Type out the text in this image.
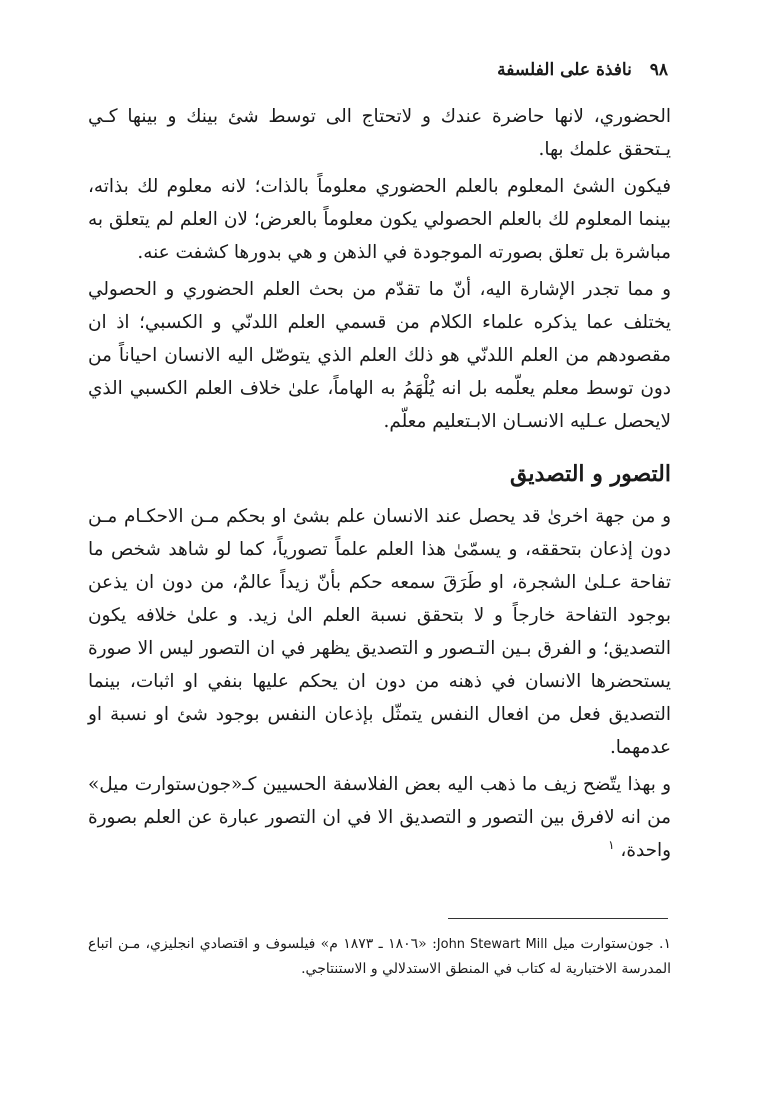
٩٨ نافذة على الفلسفة

الحضوري، لانها حاضرة عندك و لاتحتاج الى توسط شئ بينك و بينها كـي يـتحقق علمك بها.

فيكون الشئ المعلوم بالعلم الحضوري معلوماً بالذات؛ لانه معلوم لك بذاته، بينما المعلوم لك بالعلم الحصولي يكون معلوماً بالعرض؛ لان العلم لم يتعلق به مباشرة بل تعلق بصورته الموجودة في الذهن و هي بدورها كشفت عنه.

و مما تجدر الإشارة اليه، أنّ ما تقدّم من بحث العلم الحضوري و الحصولي يختلف عما يذكره علماء الكلام من قسمي العلم اللدنّي و الكسبي؛ اذ ان مقصودهم من العلم اللدنّي هو ذلك العلم الذي يتوصّل اليه الانسان احياناً من دون توسط معلم يعلّمه بل انه يُلْهَمُ به الهاماً، علىٰ خلاف العلم الكسبي الذي لايحصل عـليه الانسـان الابـتعليم معلّم.

التصور و التصديق

و من جهة اخرىٰ قد يحصل عند الانسان علم بشئ او بحكم مـن الاحكـام مـن دون إذعان بتحققه، و يسمّىٰ هذا العلم علماً تصورياً، كما لو شاهد شخص ما تفاحة عـلىٰ الشجرة، او طَرَقَ سمعه حكم بأنّ زيداً عالمٌ، من دون ان يذعن بوجود التفاحة خارجاً و لا بتحقق نسبة العلم الىٰ زيد. و علىٰ خلافه يكون التصديق؛ و الفرق بـين التـصور و التصديق يظهر في ان التصور ليس الا صورة يستحضرها الانسان في ذهنه من دون ان يحكم عليها بنفي او اثبات، بينما التصديق فعل من افعال النفس يتمثّل بإذعان النفس بوجود شئ او نسبة او عدمهما.

و بهذا يتّضح زيف ما ذهب اليه بعض الفلاسفة الحسيين كـ«جون‌ستوارت ميل» من انه لافرق بين التصور و التصديق الا في ان التصور عبارة عن العلم بصورة واحدة، $^١$

١. جون‌ستوارت ميل John Stewart Mill: «١٨٠٦ ـ ١٨٧٣ م» فيلسوف و اقتصادي انجليزي، مـن اتباع المدرسة الاختبارية له كتاب في المنطق الاستدلالي و الاستنتاجي.
